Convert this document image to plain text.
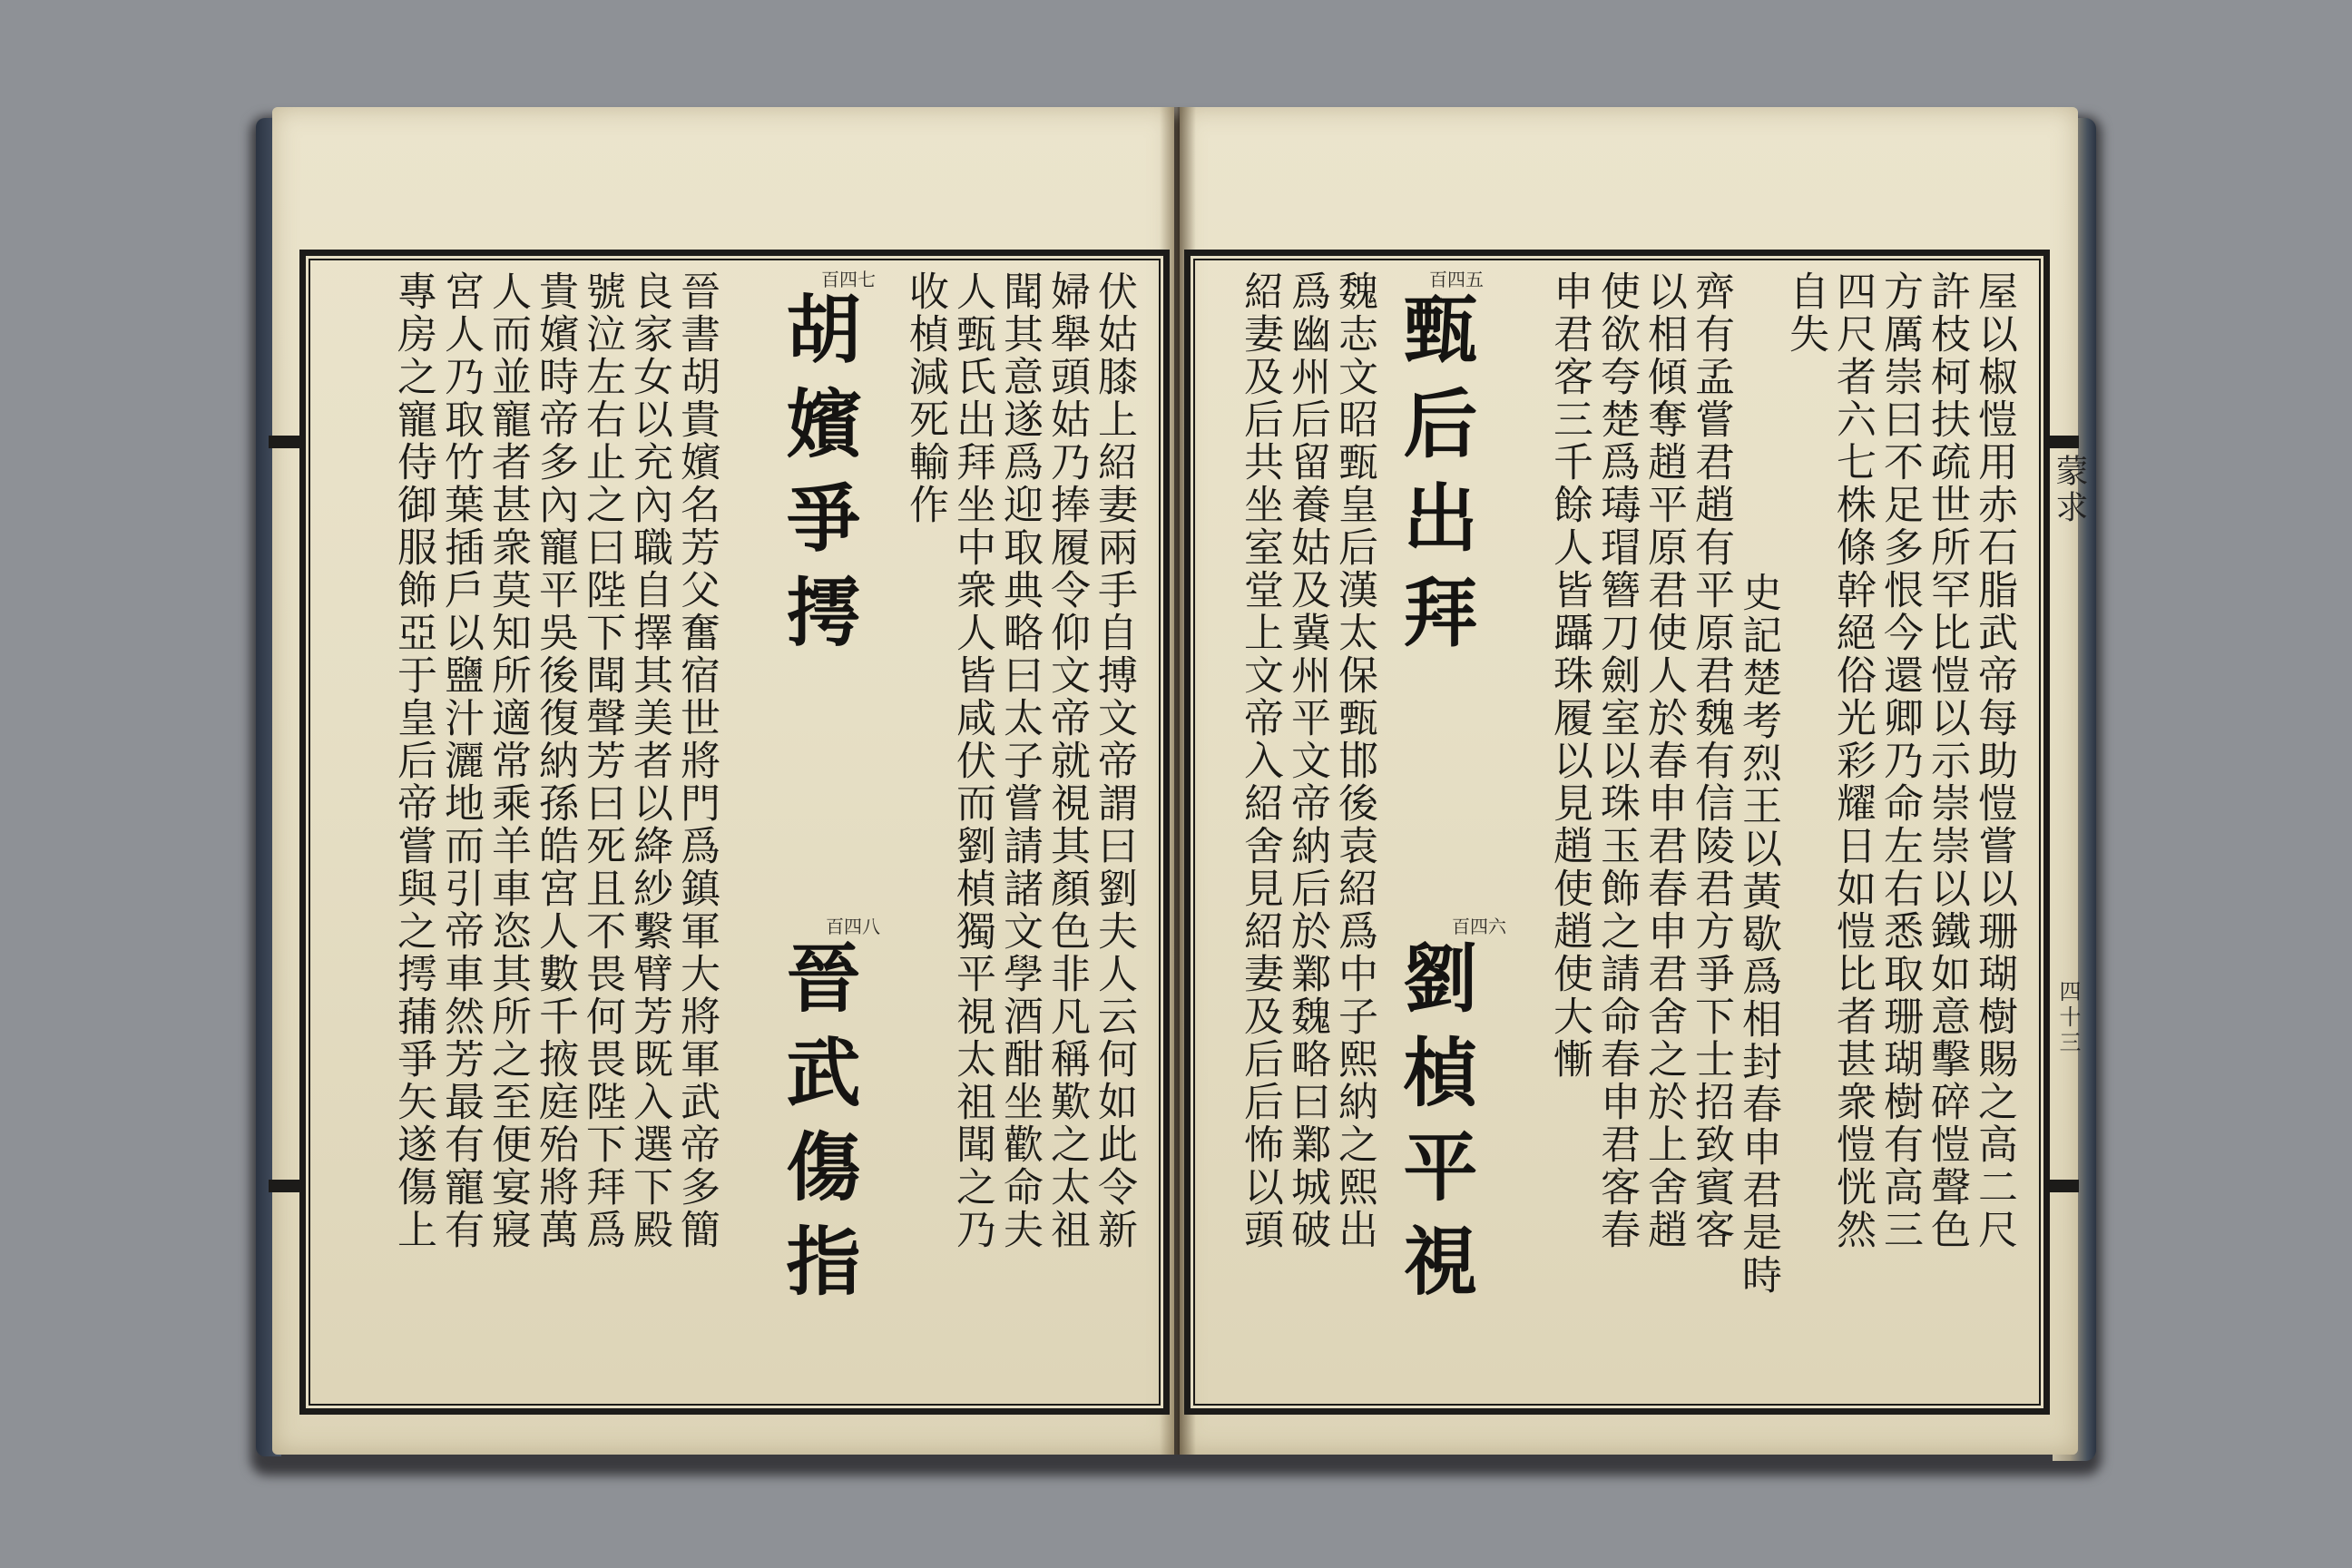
屋以椒愷用赤石脂武帝每助愷嘗以珊瑚樹賜之高二尺
許枝柯扶疏世所罕比愷以示崇崇以鐵如意擊碎愷聲色
方厲崇曰不足多恨今還卿乃命左右悉取珊瑚樹有高三
四尺者六七株條幹絕俗光彩耀日如愷比者甚衆愷恍然
自失
史記楚考烈王以黃歇爲相封春申君是時
齊有孟嘗君趙有平原君魏有信陵君方爭下士招致賓客
以相傾奪趙平原君使人於春申君春申君舍之於上舍趙
使欲夸楚爲瑇瑁簪刀劍室以珠玉飾之請命春申君客春
申君客三千餘人皆躡珠履以見趙使趙使大慚
百四五
甄后出拜
百四六
劉楨平視
魏志文昭甄皇后漢太保甄邯後袁紹爲中子熙納之熙出
爲幽州后留養姑及冀州平文帝納后於鄴魏略曰鄴城破
紹妻及后共坐室堂上文帝入紹舍見紹妻及后后怖以頭	蒙求
四十三
伏姑膝上紹妻兩手自搏文帝謂曰劉夫人云何如此令新
婦舉頭姑乃捧履令仰文帝就視其顏色非凡稱歎之太祖
聞其意遂爲迎取典略曰太子嘗請諸文學酒酣坐歡命夫
人甄氏出拜坐中衆人皆咸伏而劉楨獨平視太祖聞之乃
收楨減死輸作
百四七
胡嬪爭摴
百四八
晉武傷指
晉書胡貴嬪名芳父奮宿世將門爲鎮軍大將軍武帝多簡
良家女以充內職自擇其美者以絳紗繫臂芳既入選下殿
號泣左右止之曰陛下聞聲芳曰死且不畏何畏陛下拜爲
貴嬪時帝多內寵平吳後復納孫皓宮人數千掖庭殆將萬
人而並寵者甚衆莫知所適常乘羊車恣其所之至便宴寢
宮人乃取竹葉插戶以鹽汁灑地而引帝車然芳最有寵有
專房之寵侍御服飾亞于皇后帝嘗與之摴蒱爭矢遂傷上
